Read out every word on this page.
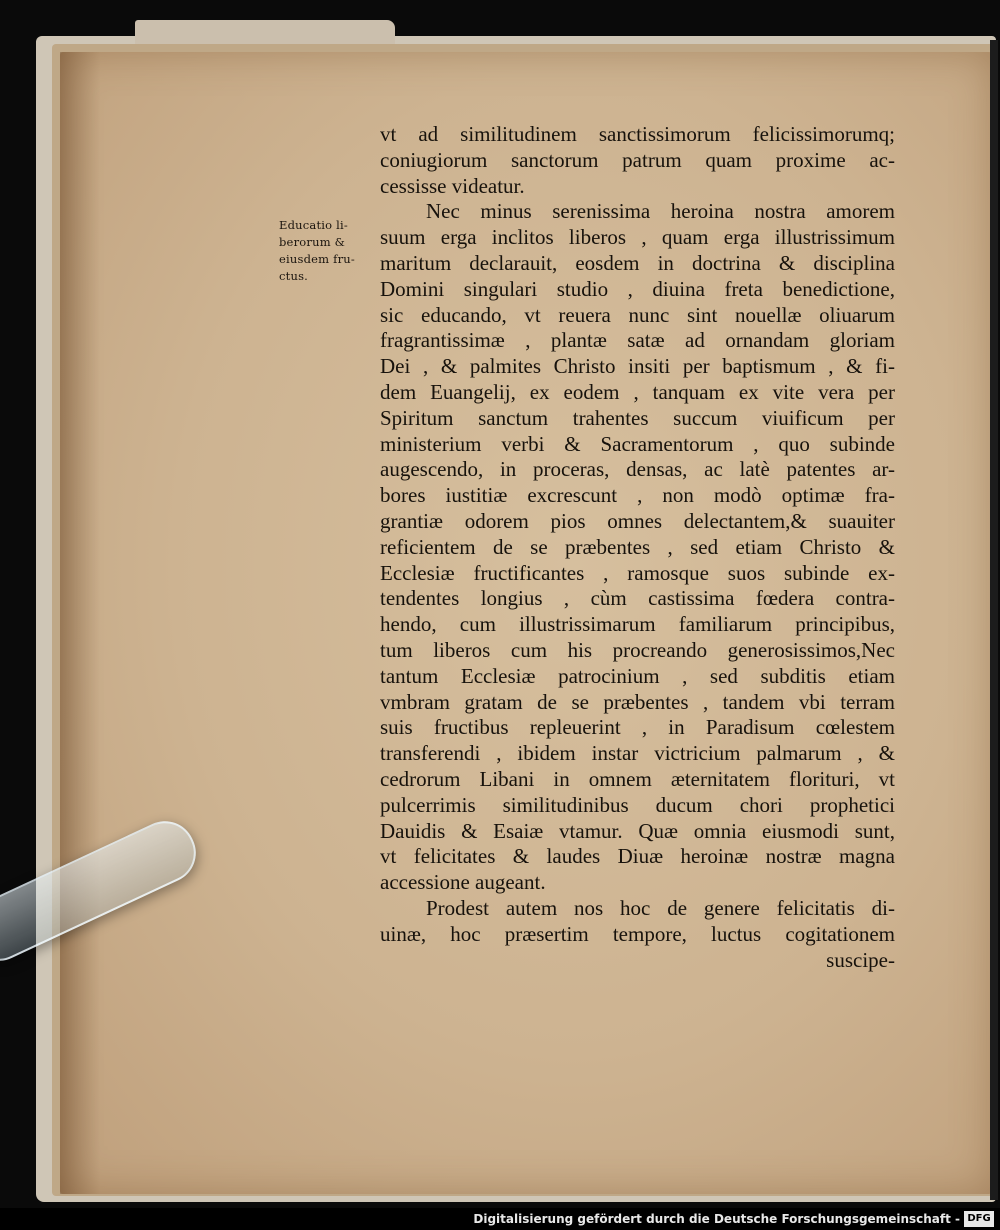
Educatio li-
berorum &
eiusdem fru-
ctus.
vt ad similitudinem sanctissimorum felicissimorumq;
coniugiorum sanctorum patrum quam proxime ac-
cessisse videatur.
Nec minus serenissima heroina nostra amorem
suum erga inclitos liberos , quam erga illustrissimum
maritum declarauit, eosdem in doctrina & disciplina
Domini singulari studio , diuina freta benedictione,
sic educando, vt reuera nunc sint nouellæ oliuarum
fragrantissimæ , plantæ satæ ad ornandam gloriam
Dei , & palmites Christo insiti per baptismum , & fi-
dem Euangelij, ex eodem , tanquam ex vite vera per
Spiritum sanctum trahentes succum viuificum per
ministerium verbi & Sacramentorum , quo subinde
augescendo, in proceras, densas, ac latè patentes ar-
bores iustitiæ excrescunt , non modò optimæ fra-
grantiæ odorem pios omnes delectantem,& suauiter
reficientem de se præbentes , sed etiam Christo &
Ecclesiæ fructificantes , ramosque suos subinde ex-
tendentes longius , cùm castissima fœdera contra-
hendo, cum illustrissimarum familiarum principibus,
tum liberos cum his procreando generosissimos,Nec
tantum Ecclesiæ patrocinium , sed subditis etiam
vmbram gratam de se præbentes , tandem vbi terram
suis fructibus repleuerint , in Paradisum cœlestem
transferendi , ibidem instar victricium palmarum , &
cedrorum Libani in omnem æternitatem florituri, vt
pulcerrimis similitudinibus ducum chori prophetici
Dauidis & Esaiæ vtamur. Quæ omnia eiusmodi sunt,
vt felicitates & laudes Diuæ heroinæ nostræ magna
accessione augeant.
Prodest autem nos hoc de genere felicitatis di-
uinæ, hoc præsertim tempore, luctus cogitationem
suscipe-
Digitalisierung gefördert durch die Deutsche Forschungsgemeinschaft - DFG
